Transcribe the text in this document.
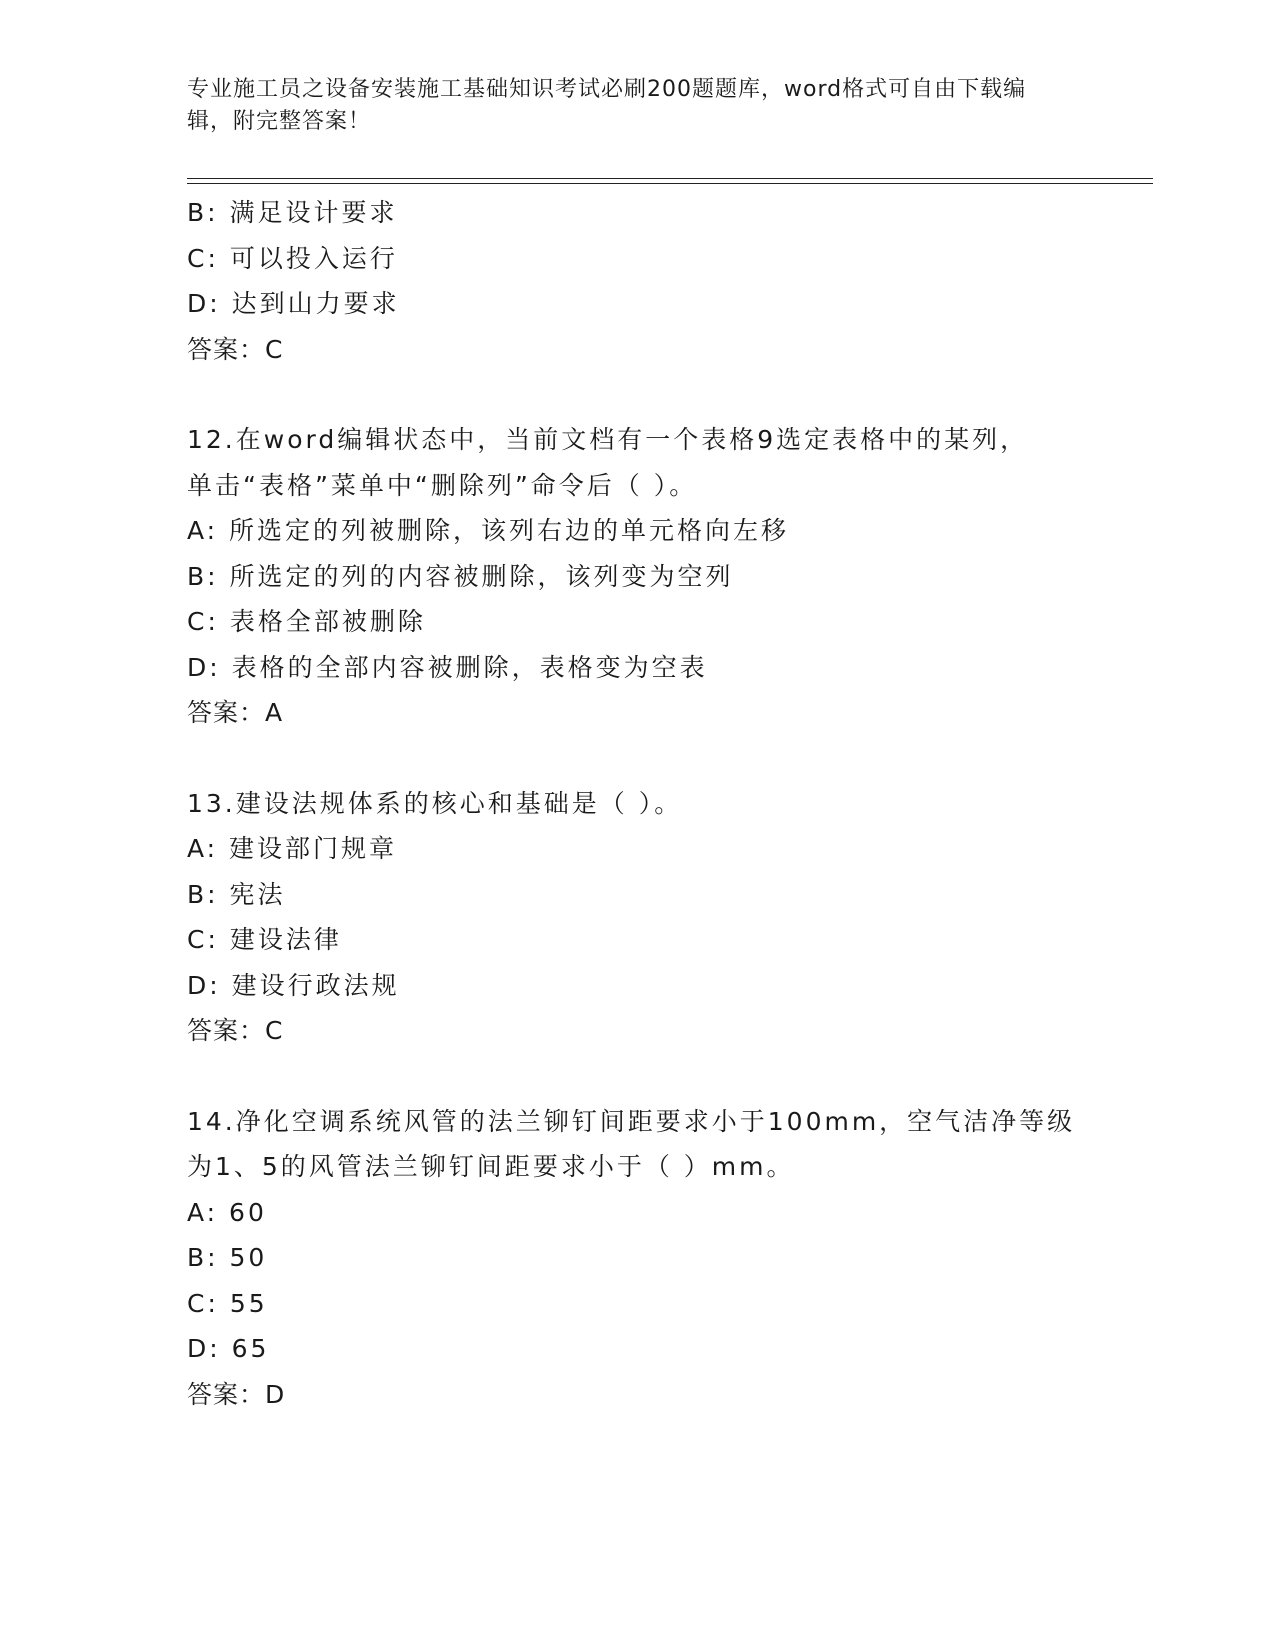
专业施工员之设备安装施工基础知识考试必刷200题题库，word格式可自由下载编辑，附完整答案！
B: 满足设计要求
C: 可以投入运行
D: 达到山力要求
答案：C
12.在word编辑状态中，当前文档有一个表格9选定表格中的某列，
单击“表格”菜单中“删除列”命令后（ ）。
A: 所选定的列被删除，该列右边的单元格向左移
B: 所选定的列的内容被删除，该列变为空列
C: 表格全部被删除
D: 表格的全部内容被删除，表格变为空表
答案：A
13.建设法规体系的核心和基础是（ ）。
A: 建设部门规章
B: 宪法
C: 建设法律
D: 建设行政法规
答案：C
14.净化空调系统风管的法兰铆钉间距要求小于100mm，空气洁净等级
为1、5的风管法兰铆钉间距要求小于（ ）mm。
A: 60
B: 50
C: 55
D: 65
答案：D
